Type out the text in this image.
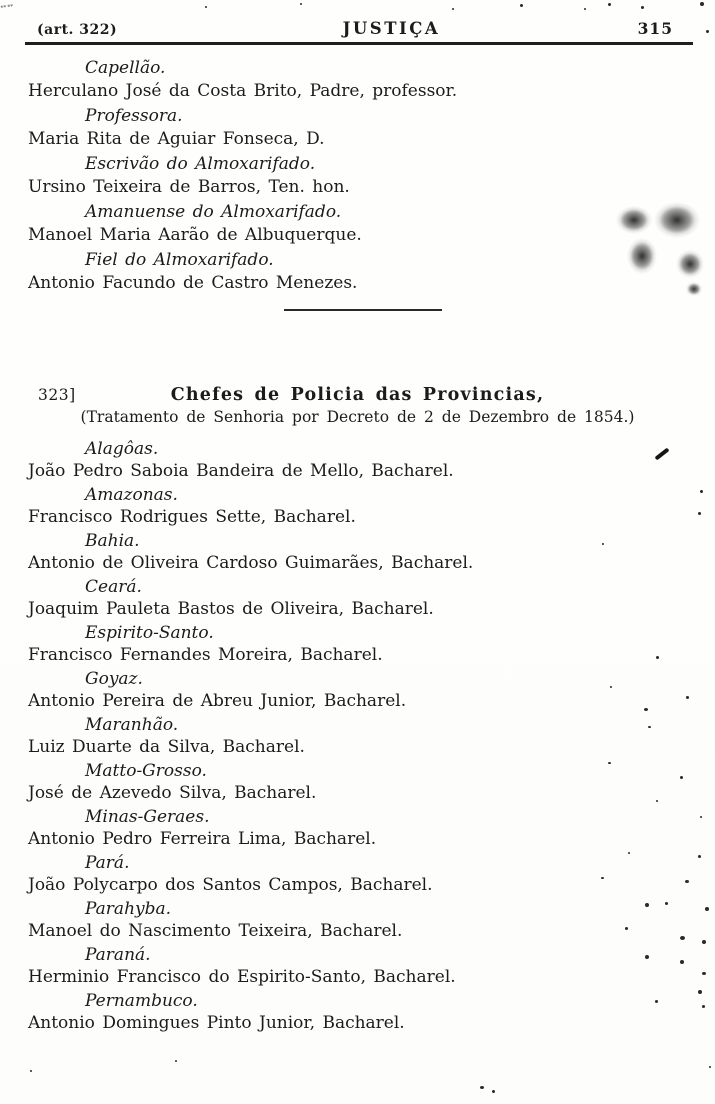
(art. 322)	JUSTIÇA	315

Capellão.

Herculano José da Costa Brito, Padre, professor.

Professora.

Maria Rita de Aguiar Fonseca, D.

Escrivão do Almoxarifado.

Ursino Teixeira de Barros, Ten. hon.

Amanuense do Almoxarifado.

Manoel Maria Aarão de Albuquerque.

Fiel do Almoxarifado.

Antonio Facundo de Castro Menezes.

323]	Chefes de Policia das Provincias,

(Tratamento de Senhoria por Decreto de 2 de Dezembro de 1854.)

Alagôas.

João Pedro Saboia Bandeira de Mello, Bacharel.

Amazonas.

Francisco Rodrigues Sette, Bacharel.

Bahia.

Antonio de Oliveira Cardoso Guimarães, Bacharel.

Ceará.

Joaquim Pauleta Bastos de Oliveira, Bacharel.

Espirito-Santo.

Francisco Fernandes Moreira, Bacharel.

Goyaz.

Antonio Pereira de Abreu Junior, Bacharel.

Maranhão.

Luiz Duarte da Silva, Bacharel.

Matto-Grosso.

José de Azevedo Silva, Bacharel.

Minas-Geraes.

Antonio Pedro Ferreira Lima, Bacharel.

Pará.

João Polycarpo dos Santos Campos, Bacharel.

Parahyba.

Manoel do Nascimento Teixeira, Bacharel.

Paraná.

Herminio Francisco do Espirito-Santo, Bacharel.

Pernambuco.

Antonio Domingues Pinto Junior, Bacharel.
